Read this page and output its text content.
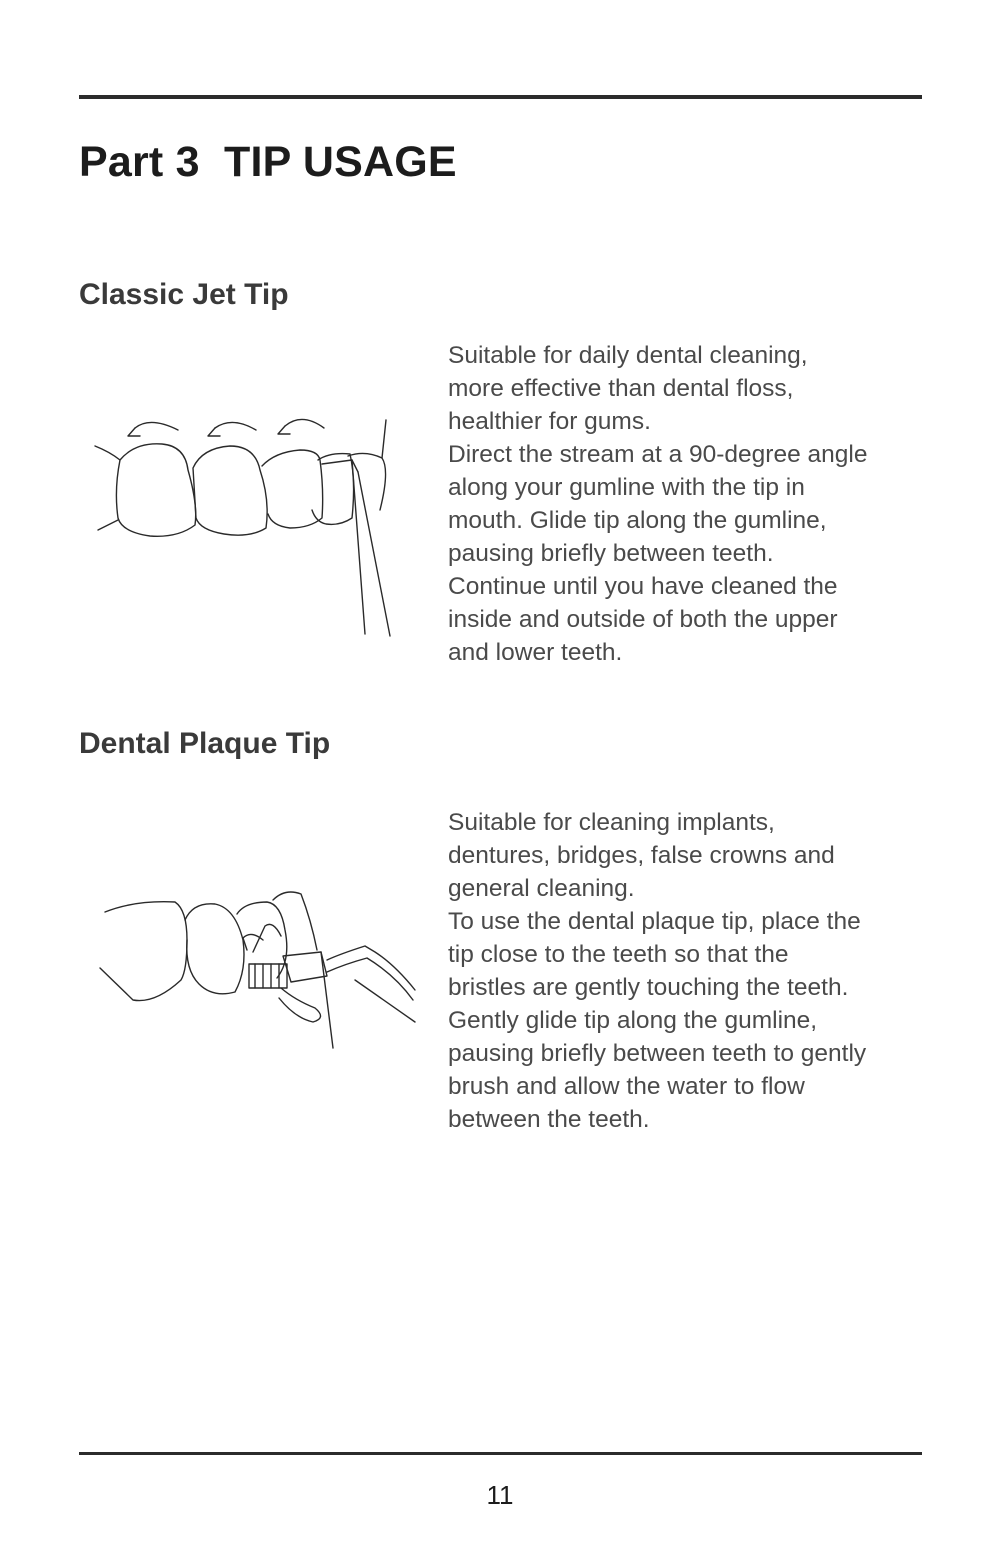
Part 3  TIP USAGE
Classic Jet Tip
Suitable for daily dental cleaning,
more effective than dental floss,
healthier for gums.
Direct the stream at a 90-degree angle
along your gumline with the tip in
mouth. Glide tip along the gumline,
pausing briefly between teeth.
Continue until you have cleaned the
inside and outside of both the upper
and lower teeth.
Dental Plaque Tip
Suitable for cleaning implants,
dentures, bridges, false crowns and
general cleaning.
To use the dental plaque tip, place the
tip close to the teeth so that the
bristles are gently touching the teeth.
Gently glide tip along the gumline,
pausing briefly between teeth to gently
brush and allow the water to flow
between the teeth.
11
